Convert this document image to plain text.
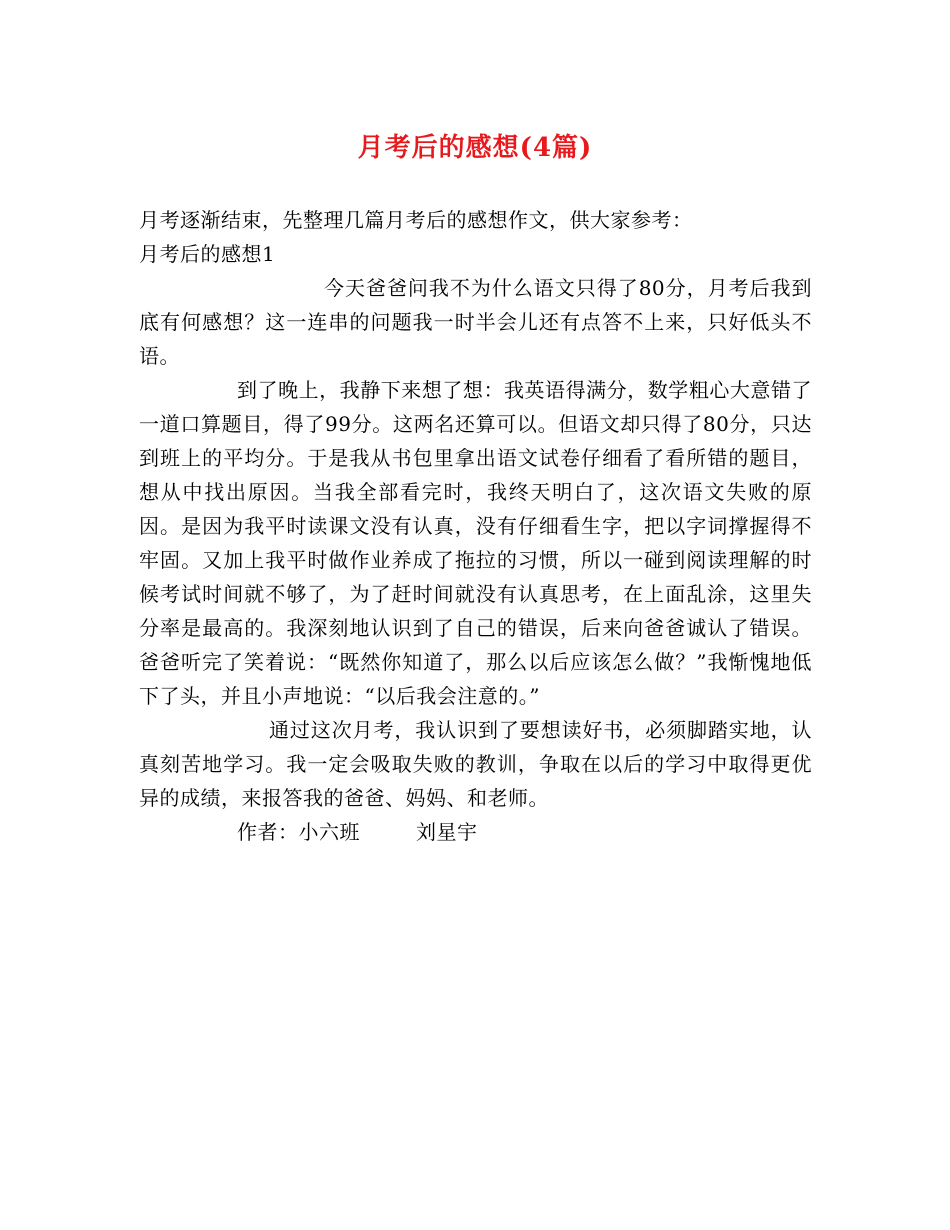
月考后的感想(4篇)

月考逐渐结束，先整理几篇月考后的感想作文，供大家参考：

月考后的感想1

今天爸爸问我不为什么语文只得了80分，月考后我到底有何感想？这一连串的问题我一时半会儿还有点答不上来，只好低头不语。

到了晚上，我静下来想了想：我英语得满分，数学粗心大意错了一道口算题目，得了99分。这两名还算可以。但语文却只得了80分，只达到班上的平均分。于是我从书包里拿出语文试卷仔细看了看所错的题目，想从中找出原因。当我全部看完时，我终天明白了，这次语文失败的原因。是因为我平时读课文没有认真，没有仔细看生字，把以字词撑握得不牢固。又加上我平时做作业养成了拖拉的习惯，所以一碰到阅读理解的时候考试时间就不够了，为了赶时间就没有认真思考，在上面乱涂，这里失分率是最高的。我深刻地认识到了自己的错误，后来向爸爸诚认了错误。爸爸听完了笑着说：“既然你知道了，那么以后应该怎么做？”我惭愧地低下了头，并且小声地说：“以后我会注意的。”

通过这次月考，我认识到了要想读好书，必须脚踏实地，认真刻苦地学习。我一定会吸取失败的教训，争取在以后的学习中取得更优异的成绩，来报答我的爸爸、妈妈、和老师。

作者：小六班	刘星宇
